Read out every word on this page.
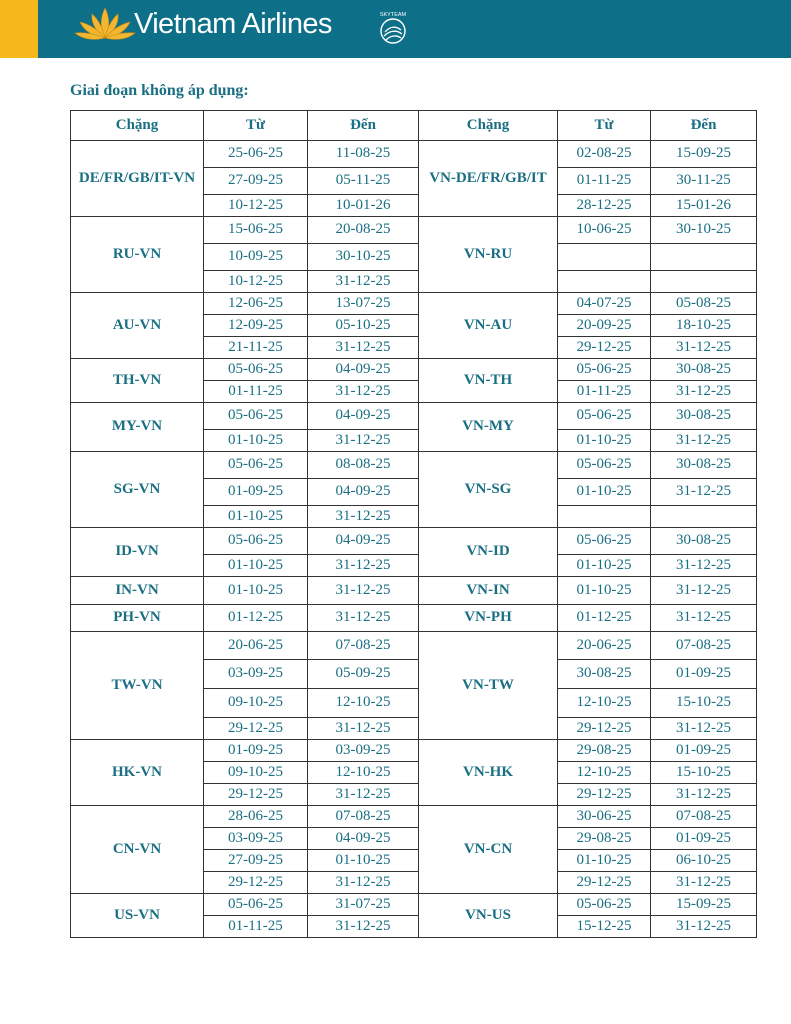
Vietnam Airlines	SKYTEAM
Giai đoạn không áp dụng:
Chặng	Từ	Đến	Chặng	Từ	Đến
DE/FR/GB/IT-VN	25-06-25	11-08-25	VN-DE/FR/GB/IT	02-08-25	15-09-25
	27-09-25	05-11-25		01-11-25	30-11-25
	10-12-25	10-01-26		28-12-25	15-01-26
RU-VN	15-06-25	20-08-25	VN-RU	10-06-25	30-10-25
	10-09-25	30-10-25			
	10-12-25	31-12-25			
AU-VN	12-06-25	13-07-25	VN-AU	04-07-25	05-08-25
	12-09-25	05-10-25		20-09-25	18-10-25
	21-11-25	31-12-25		29-12-25	31-12-25
TH-VN	05-06-25	04-09-25	VN-TH	05-06-25	30-08-25
	01-11-25	31-12-25		01-11-25	31-12-25
MY-VN	05-06-25	04-09-25	VN-MY	05-06-25	30-08-25
	01-10-25	31-12-25		01-10-25	31-12-25
SG-VN	05-06-25	08-08-25	VN-SG	05-06-25	30-08-25
	01-09-25	04-09-25		01-10-25	31-12-25
	01-10-25	31-12-25			
ID-VN	05-06-25	04-09-25	VN-ID	05-06-25	30-08-25
	01-10-25	31-12-25		01-10-25	31-12-25
IN-VN	01-10-25	31-12-25	VN-IN	01-10-25	31-12-25
PH-VN	01-12-25	31-12-25	VN-PH	01-12-25	31-12-25
TW-VN	20-06-25	07-08-25	VN-TW	20-06-25	07-08-25
	03-09-25	05-09-25		30-08-25	01-09-25
	09-10-25	12-10-25		12-10-25	15-10-25
	29-12-25	31-12-25		29-12-25	31-12-25
HK-VN	01-09-25	03-09-25	VN-HK	29-08-25	01-09-25
	09-10-25	12-10-25		12-10-25	15-10-25
	29-12-25	31-12-25		29-12-25	31-12-25
CN-VN	28-06-25	07-08-25	VN-CN	30-06-25	07-08-25
	03-09-25	04-09-25		29-08-25	01-09-25
	27-09-25	01-10-25		01-10-25	06-10-25
	29-12-25	31-12-25		29-12-25	31-12-25
US-VN	05-06-25	31-07-25	VN-US	05-06-25	15-09-25
	01-11-25	31-12-25		15-12-25	31-12-25
